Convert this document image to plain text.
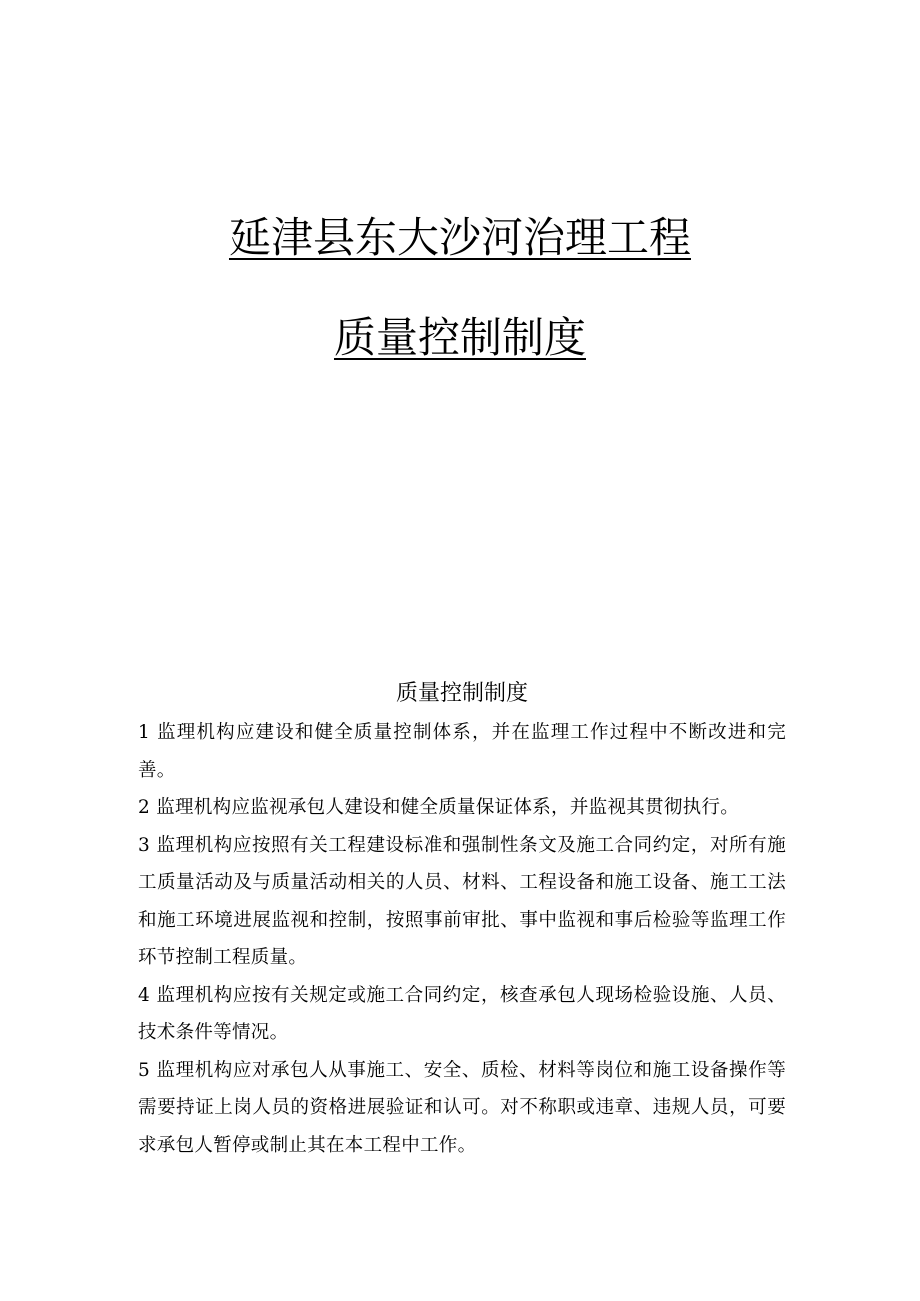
延津县东大沙河治理工程
质量控制制度
质量控制制度

1 监理机构应建设和健全质量控制体系，并在监理工作过程中不断改进和完善。

2 监理机构应监视承包人建设和健全质量保证体系，并监视其贯彻执行。

3 监理机构应按照有关工程建设标准和强制性条文及施工合同约定，对所有施工质量活动及与质量活动相关的人员、材料、工程设备和施工设备、施工工法和施工环境进展监视和控制，按照事前审批、事中监视和事后检验等监理工作环节控制工程质量。

4 监理机构应按有关规定或施工合同约定，核查承包人现场检验设施、人员、技术条件等情况。

5 监理机构应对承包人从事施工、安全、质检、材料等岗位和施工设备操作等需要持证上岗人员的资格进展验证和认可。对不称职或违章、违规人员，可要求承包人暂停或制止其在本工程中工作。
